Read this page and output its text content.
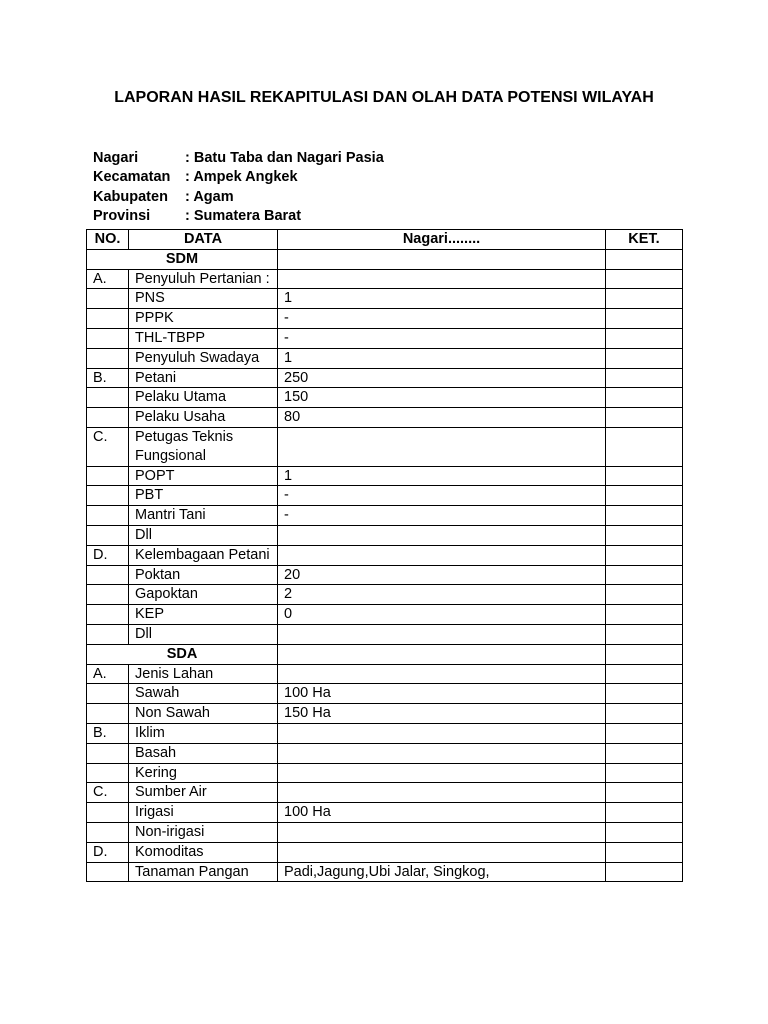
LAPORAN HASIL REKAPITULASI DAN OLAH DATA POTENSI WILAYAH
Nagari	: Batu Taba dan Nagari Pasia
Kecamatan	: Ampek Angkek
Kabupaten	: Agam
Provinsi	: Sumatera Barat
NO.	DATA	Nagari........	KET.
SDM			
A.	Penyuluh Pertanian :		
	PNS	1	
	PPPK	-	
	THL-TBPP	-	
	Penyuluh Swadaya	1	
B.	Petani	250	
	Pelaku Utama	150	
	Pelaku Usaha	80	
C.	Petugas Teknis Fungsional		
	POPT	1	
	PBT	-	
	Mantri Tani	-	
	Dll		
D.	Kelembagaan Petani		
	Poktan	20	
	Gapoktan	2	
	KEP	0	
	Dll		
SDA			
A.	Jenis Lahan		
	Sawah	100 Ha	
	Non Sawah	150 Ha	
B.	Iklim		
	Basah		
	Kering		
C.	Sumber Air		
	Irigasi	100 Ha	
	Non-irigasi		
D.	Komoditas		
	Tanaman Pangan	Padi,Jagung,Ubi Jalar, Singkog,	
